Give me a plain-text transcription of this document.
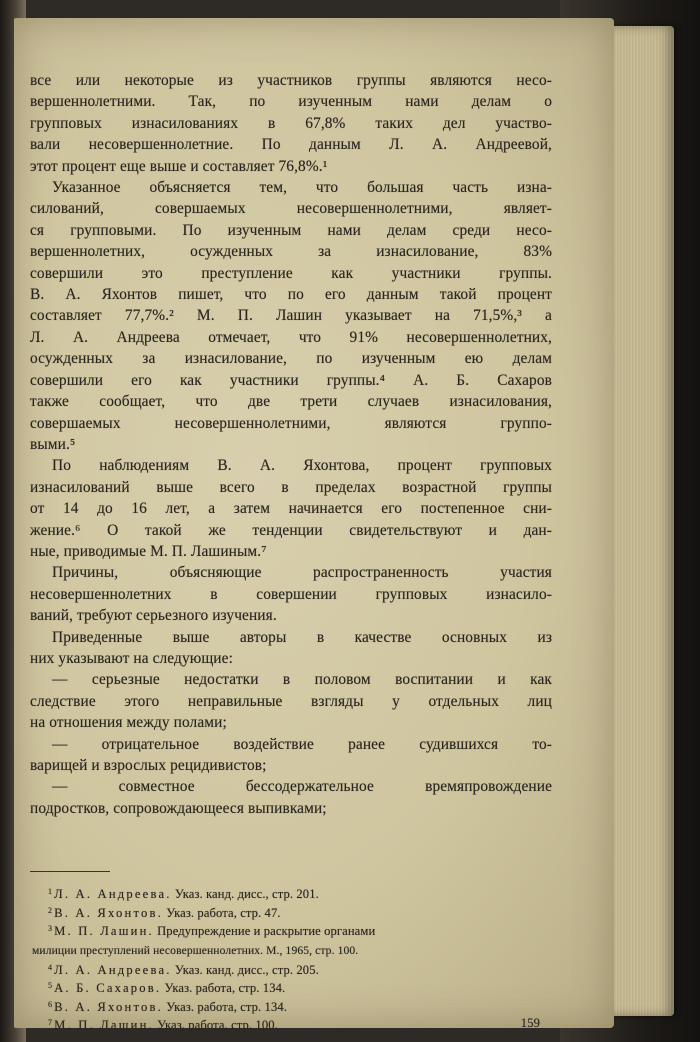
все или некоторые из участников группы являются несо-
вершеннолетними. Так, по изученным нами делам о
групповых изнасилованиях в 67,8% таких дел участво-
вали несовершеннолетние. По данным Л. А. Андреевой,
этот процент еще выше и составляет 76,8%.¹
Указанное объясняется тем, что большая часть изна-
силований, совершаемых несовершеннолетними, являет-
ся групповыми. По изученным нами делам среди несо-
вершеннолетних, осужденных за изнасилование, 83%
совершили это преступление как участники группы.
В. А. Яхонтов пишет, что по его данным такой процент
составляет 77,7%.² М. П. Лашин указывает на 71,5%,³ а
Л. А. Андреева отмечает, что 91% несовершеннолетних,
осужденных за изнасилование, по изученным ею делам
совершили его как участники группы.⁴ А. Б. Сахаров
также сообщает, что две трети случаев изнасилования,
совершаемых несовершеннолетними, являются группо-
выми.⁵
По наблюдениям В. А. Яхонтова, процент групповых
изнасилований выше всего в пределах возрастной группы
от 14 до 16 лет, а затем начинается его постепенное сни-
жение.⁶ О такой же тенденции свидетельствуют и дан-
ные, приводимые М. П. Лашиным.⁷
Причины, объясняющие распространенность участия
несовершеннолетних в совершении групповых изнасило-
ваний, требуют серьезного изучения.
Приведенные выше авторы в качестве основных из
них указывают на следующие:
— серьезные недостатки в половом воспитании и как
следствие этого неправильные взгляды у отдельных лиц
на отношения между полами;
— отрицательное воздействие ранее судившихся то-
варищей и взрослых рецидивистов;
— совместное бессодержательное времяпровождение
подростков, сопровождающееся выпивками;
$^1$ Л. А. Андреева. Указ. канд. дисс., стр. 201.
$^2$ В. А. Яхонтов. Указ. работа, стр. 47.
$^3$ М. П. Лашин. Предупреждение и раскрытие органами
милиции преступлений несовершеннолетних. М., 1965, стр. 100.
$^4$ Л. А. Андреева. Указ. канд. дисс., стр. 205.
$^5$ А. Б. Сахаров. Указ. работа, стр. 134.
$^6$ В. А. Яхонтов. Указ. работа, стр. 134.
$^7$ М. П. Лашин. Указ. работа, стр. 100.	159
